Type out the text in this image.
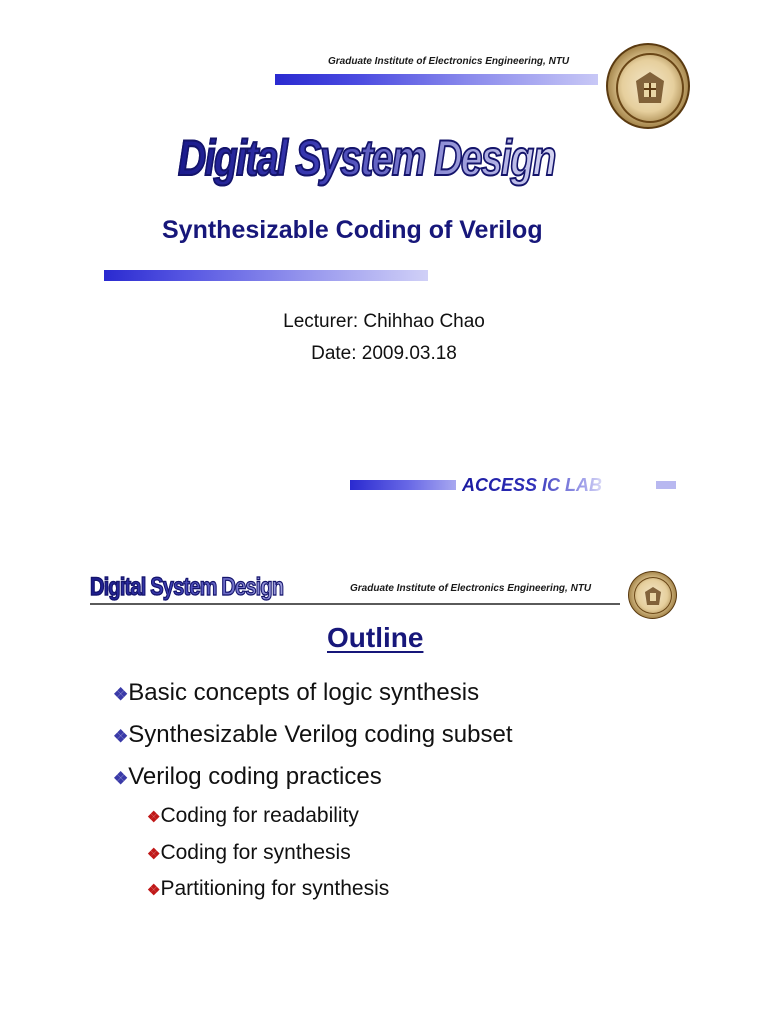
Graduate Institute of Electronics Engineering, NTU
Digital System Design
Synthesizable Coding of Verilog
Lecturer: Chihhao Chao
Date: 2009.03.18
ACCESS IC LAB
Digital System Design	Graduate Institute of Electronics Engineering, NTU
Outline
❖Basic concepts of logic synthesis
❖Synthesizable Verilog coding subset
❖Verilog coding practices
❖Coding for readability
❖Coding for synthesis
❖Partitioning for synthesis
